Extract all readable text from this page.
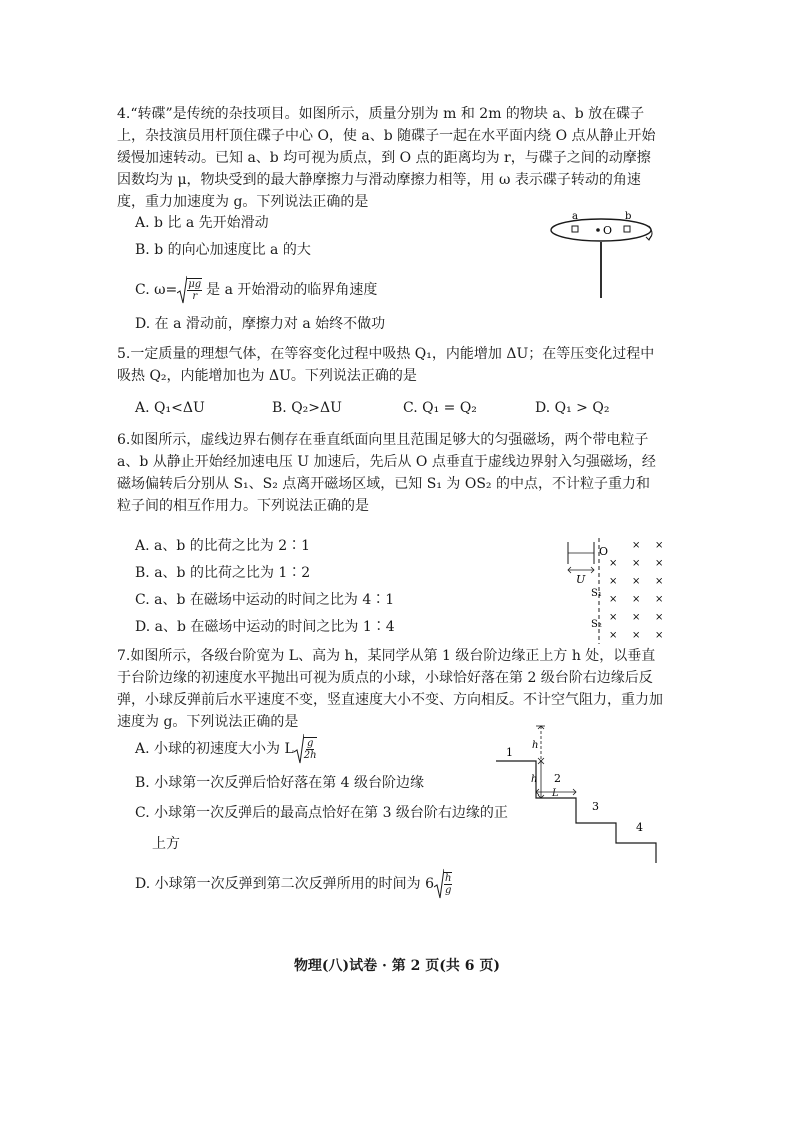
4.“转碟”是传统的杂技项目。如图所示，质量分别为 m 和 2m 的物块 a、b 放在碟子上，杂技演员用杆顶住碟子中心 O，使 a、b 随碟子一起在水平面内绕 O 点从静止开始缓慢加速转动。已知 a、b 均可视为质点，到 O 点的距离均为 r，与碟子之间的动摩擦因数均为 μ，物块受到的最大静摩擦力与滑动摩擦力相等，用 ω 表示碟子转动的角速度，重力加速度为 g。下列说法正确的是
A. b 比 a 先开始滑动
B. b 的向心加速度比 a 的大
C. $\omega= \frac{\mu g}{r}$ 是 a 开始滑动的临界角速度
D. 在 a 滑动前，摩擦力对 a 始终不做功
O
a	b
5.一定质量的理想气体，在等容变化过程中吸热 Q₁，内能增加 ΔU；在等压变化过程中吸热 Q₂，内能增加也为 ΔU。下列说法正确的是
A. Q₁<ΔU	B. Q₂>ΔU	C. Q₁ = Q₂	D. Q₁ > Q₂
6.如图所示，虚线边界右侧存在垂直纸面向里且范围足够大的匀强磁场，两个带电粒子 a、b 从静止开始经加速电压 U 加速后，先后从 O 点垂直于虚线边界射入匀强磁场，经磁场偏转后分别从 S₁、S₂ 点离开磁场区域，已知 S₁ 为 OS₂ 的中点，不计粒子重力和粒子间的相互作用力。下列说法正确的是
A. a、b 的比荷之比为 2∶1
B. a、b 的比荷之比为 1∶2
C. a、b 在磁场中运动的时间之比为 4∶1
D. a、b 在磁场中运动的时间之比为 1∶4
U
O
S₁
S₂
× ×
× × ×
× × ×
× × ×
× × ×
× × ×
7.如图所示，各级台阶宽为 L、高为 h，某同学从第 1 级台阶边缘正上方 h 处，以垂直于台阶边缘的初速度水平抛出可视为质点的小球，小球恰好落在第 2 级台阶右边缘后反弹，小球反弹前后水平速度不变，竖直速度大小不变、方向相反。不计空气阻力，重力加速度为 g。下列说法正确的是
A. 小球的初速度大小为 L $\frac{g}{2h}$
B. 小球第一次反弹后恰好落在第 4 级台阶边缘
C. 小球第一次反弹后的最高点恰好在第 3 级台阶右边缘的正
上方
D. 小球第一次反弹到第二次反弹所用的时间为 $6 \frac{h}{g}$
1
2
3
4
h
h
L
物理(八)试卷 · 第 2 页(共 6 页)
